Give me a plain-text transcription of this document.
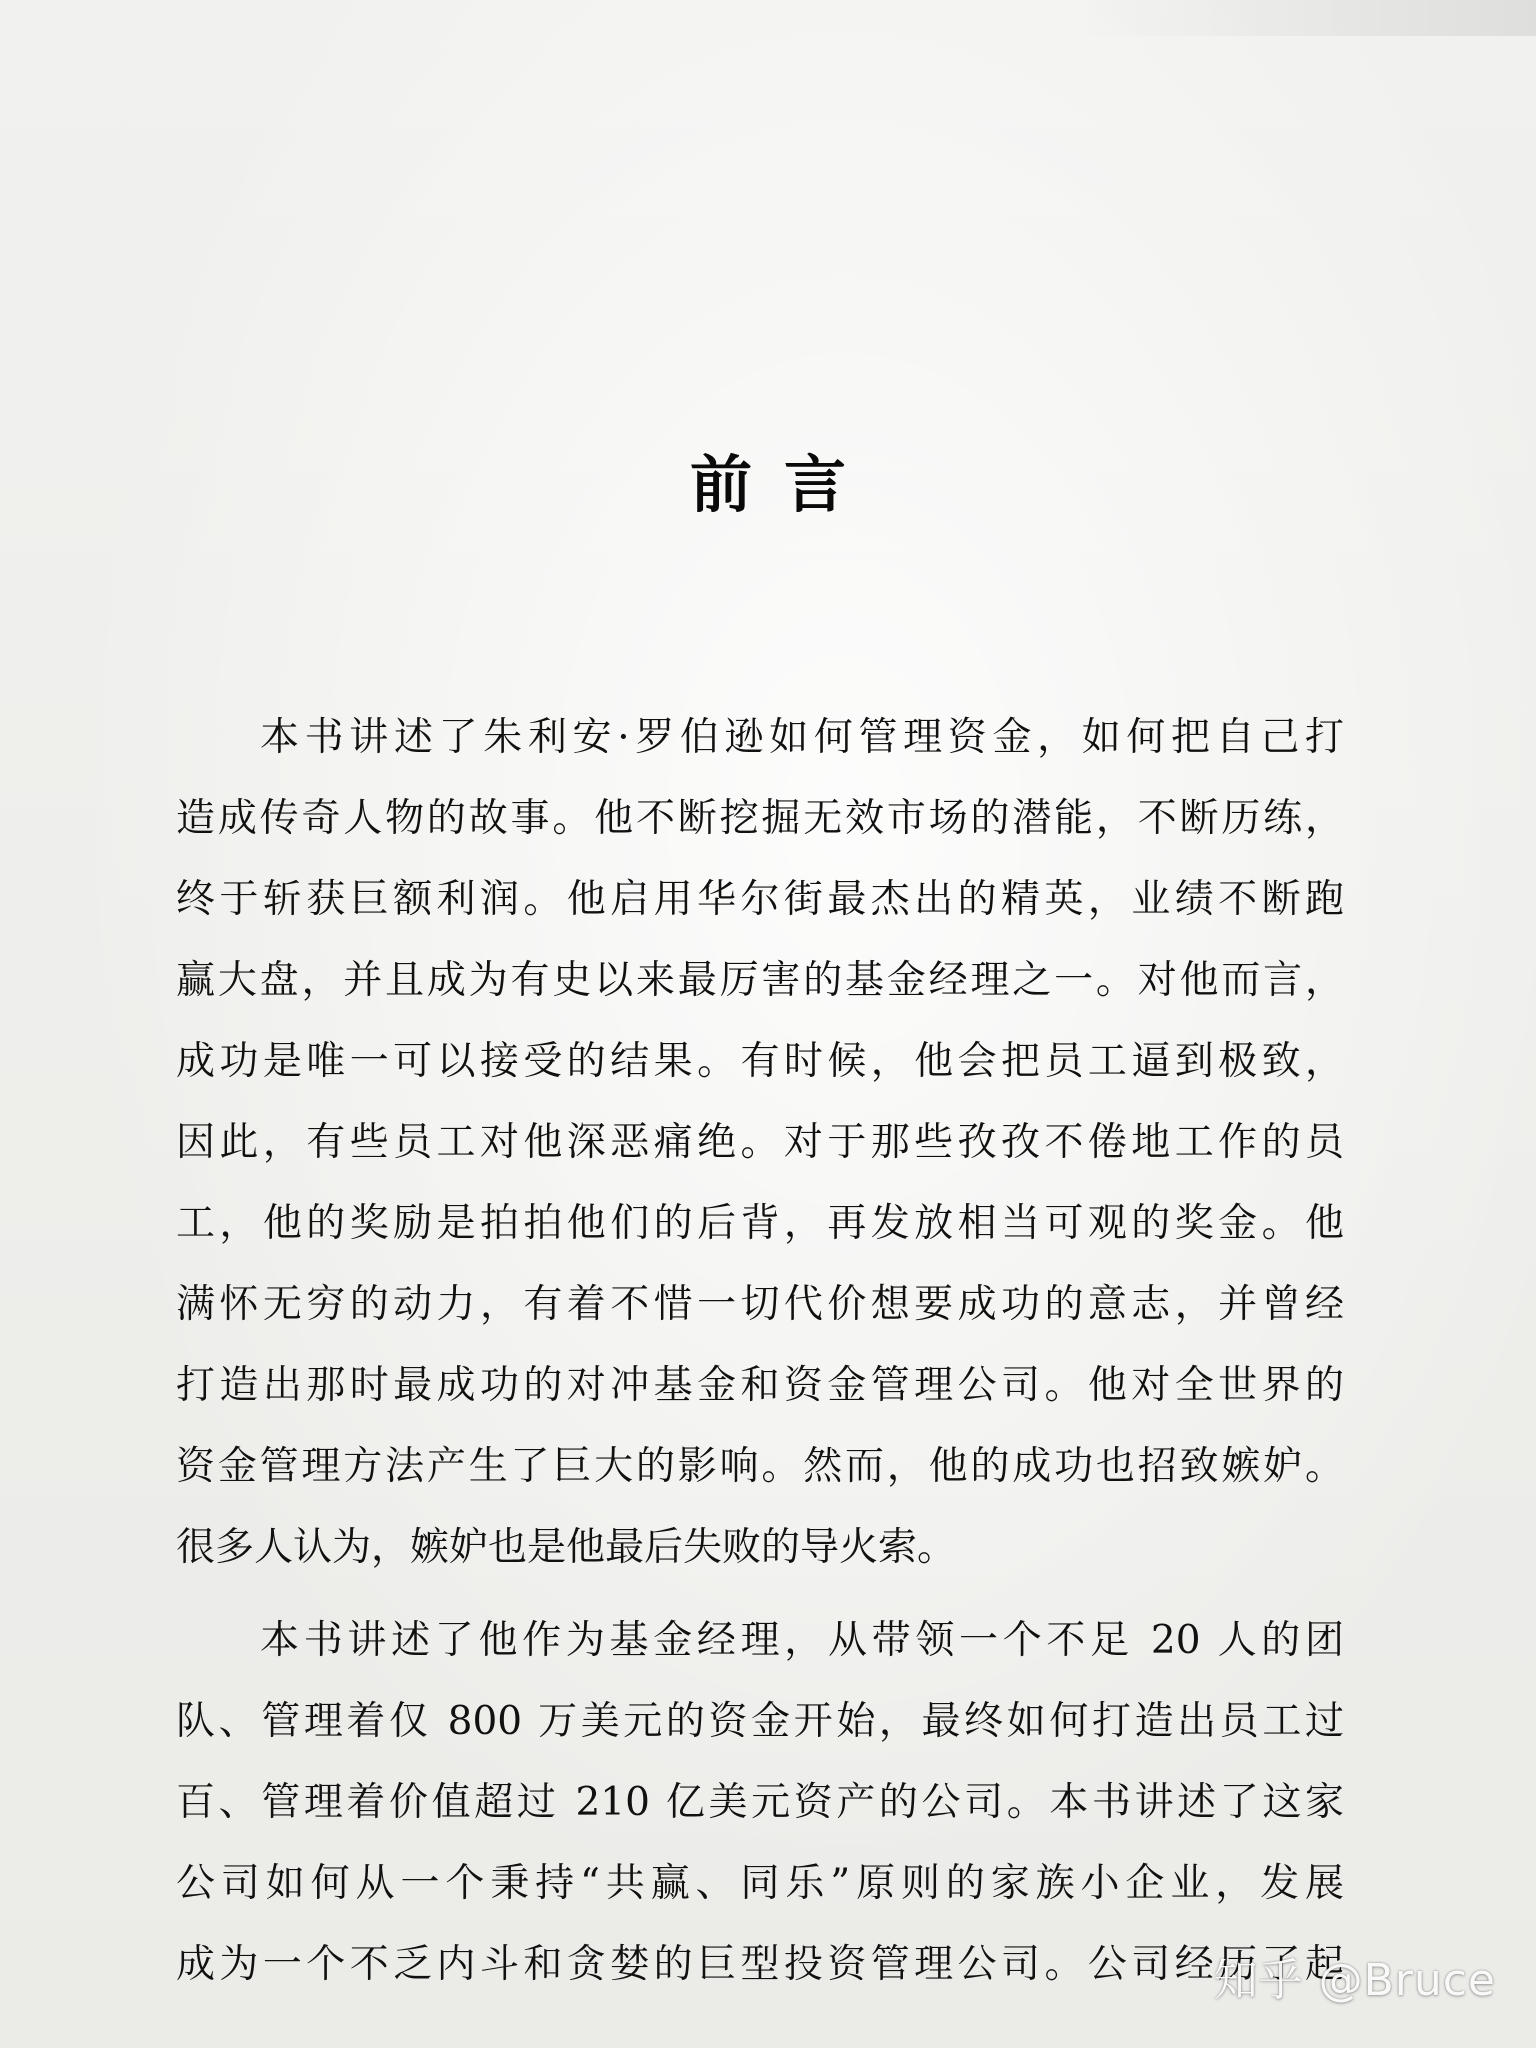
前言
本书讲述了朱利安·罗伯逊如何管理资金，如何把自己打
造成传奇人物的故事。他不断挖掘无效市场的潜能，不断历练，
终于斩获巨额利润。他启用华尔街最杰出的精英，业绩不断跑
赢大盘，并且成为有史以来最厉害的基金经理之一。对他而言，
成功是唯一可以接受的结果。有时候，他会把员工逼到极致，
因此，有些员工对他深恶痛绝。对于那些孜孜不倦地工作的员
工，他的奖励是拍拍他们的后背，再发放相当可观的奖金。他
满怀无穷的动力，有着不惜一切代价想要成功的意志，并曾经
打造出那时最成功的对冲基金和资金管理公司。他对全世界的
资金管理方法产生了巨大的影响。然而，他的成功也招致嫉妒。
很多人认为，嫉妒也是他最后失败的导火索。
本书讲述了他作为基金经理，从带领一个不足 20 人的团
队、管理着仅 800 万美元的资金开始，最终如何打造出员工过
百、管理着价值超过 210 亿美元资产的公司。本书讲述了这家
公司如何从一个秉持“共赢、同乐”原则的家族小企业，发展
成为一个不乏内斗和贪婪的巨型投资管理公司。公司经历了起
知乎 @Bruce
